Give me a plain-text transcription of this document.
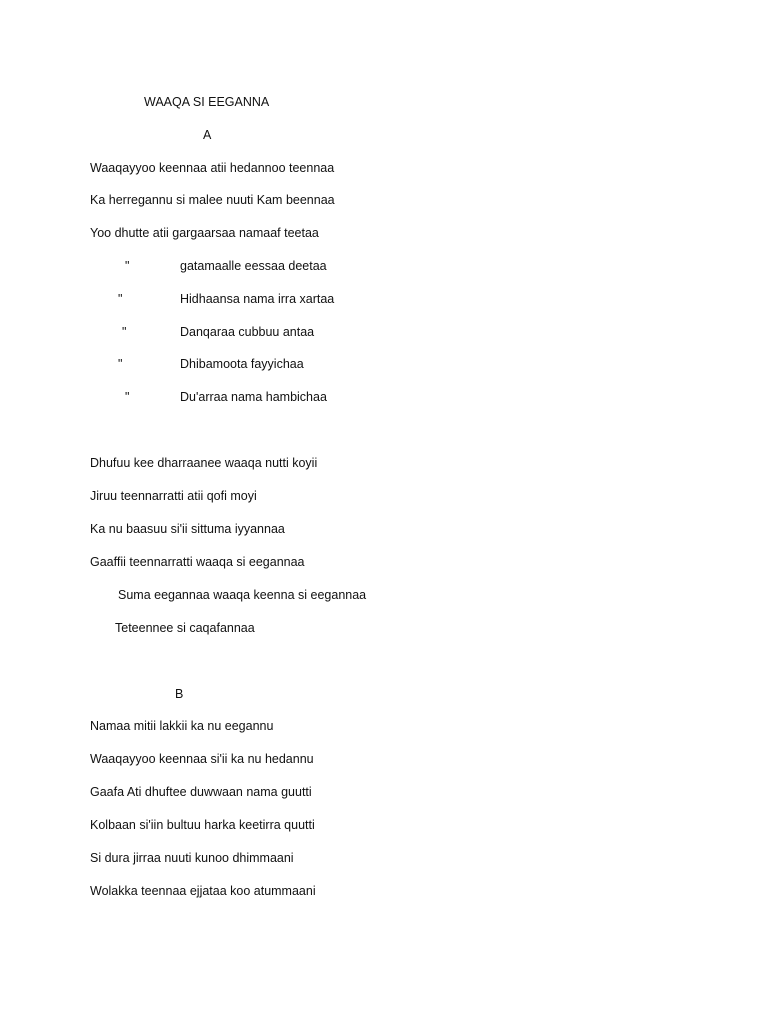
WAAQA SI EEGANNA
A
Waaqayyoo keennaa atii hedannoo teennaa
Ka herregannu si malee nuuti Kam beennaa
Yoo dhutte atii gargaarsaa namaaf teetaa
"	gatamaalle eessaa deetaa
"	Hidhaansa nama irra xartaa
"	Danqaraa cubbuu antaa
"	Dhibamoota fayyichaa
"	Du'arraa nama hambichaa
Dhufuu kee dharraanee waaqa nutti koyii
Jiruu teennarratti atii qofi moyi
Ka nu baasuu si'ii sittuma iyyannaa
Gaaffii teennarratti waaqa si eegannaa
Suma eegannaa waaqa keenna si eegannaa
Teteennee si caqafannaa
B
Namaa mitii lakkii ka nu eegannu
Waaqayyoo keennaa si'ii ka nu hedannu
Gaafa Ati dhuftee duwwaan nama guutti
Kolbaan si'iin bultuu harka keetirra quutti
Si dura jirraa nuuti kunoo dhimmaani
Wolakka teennaa ejjataa koo atummaani
